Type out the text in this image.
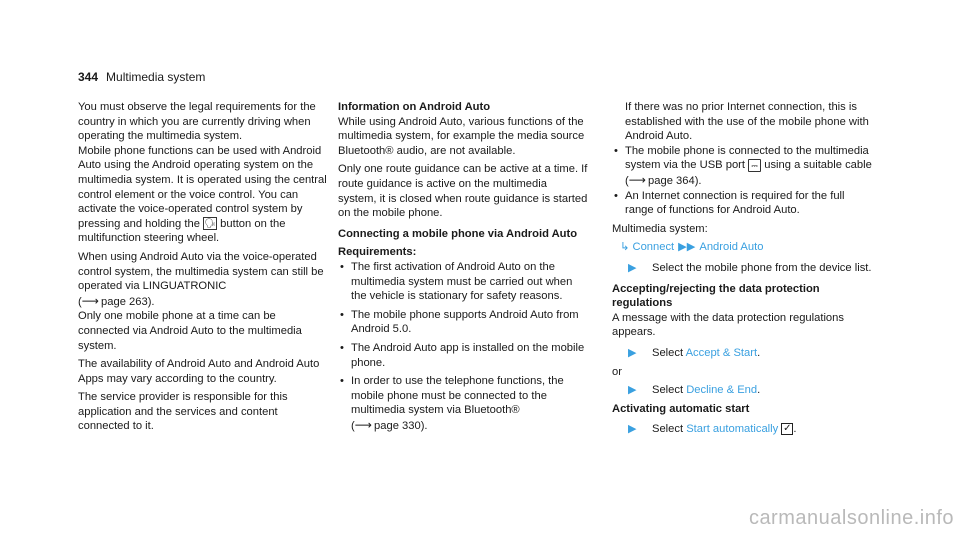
344 Multimedia system

You must observe the legal requirements for the country in which you are currently driving when operating the multimedia system.

Mobile phone functions can be used with Android Auto using the Android operating system on the multimedia system. It is operated using the central control element or the voice control. You can activate the voice-operated control system by pressing and holding the 🗣 button on the multifunction steering wheel.

When using Android Auto via the voice-operated control system, the multimedia system can still be operated via LINGUATRONIC
(⟶ page 263).

Only one mobile phone at a time can be connected via Android Auto to the multimedia system.

The availability of Android Auto and Android Auto Apps may vary according to the country.

The service provider is responsible for this application and the services and content connected to it.

Information on Android Auto

While using Android Auto, various functions of the multimedia system, for example the media source Bluetooth® audio, are not available.

Only one route guidance can be active at a time. If route guidance is active on the multimedia system, it is closed when route guidance is started on the mobile phone.

Connecting a mobile phone via Android Auto

Requirements:

• The first activation of Android Auto on the multimedia system must be carried out when the vehicle is stationary for safety reasons.
• The mobile phone supports Android Auto from Android 5.0.
• The Android Auto app is installed on the mobile phone.
• In order to use the telephone functions, the mobile phone must be connected to the multimedia system via Bluetooth®
(⟶ page 330).

If there was no prior Internet connection, this is established with the use of the mobile phone with Android Auto.

• The mobile phone is connected to the multimedia system via the USB port ⎓ using a suitable cable (⟶ page 364).
• An Internet connection is required for the full range of functions for Android Auto.

Multimedia system:

↳ Connect ▶▶ Android Auto

▶ Select the mobile phone from the device list.

Accepting/rejecting the data protection regulations

A message with the data protection regulations appears.

▶ Select Accept & Start.

or

▶ Select Decline & End.

Activating automatic start

▶ Select Start automatically ✓ .

carmanualsonline.info
